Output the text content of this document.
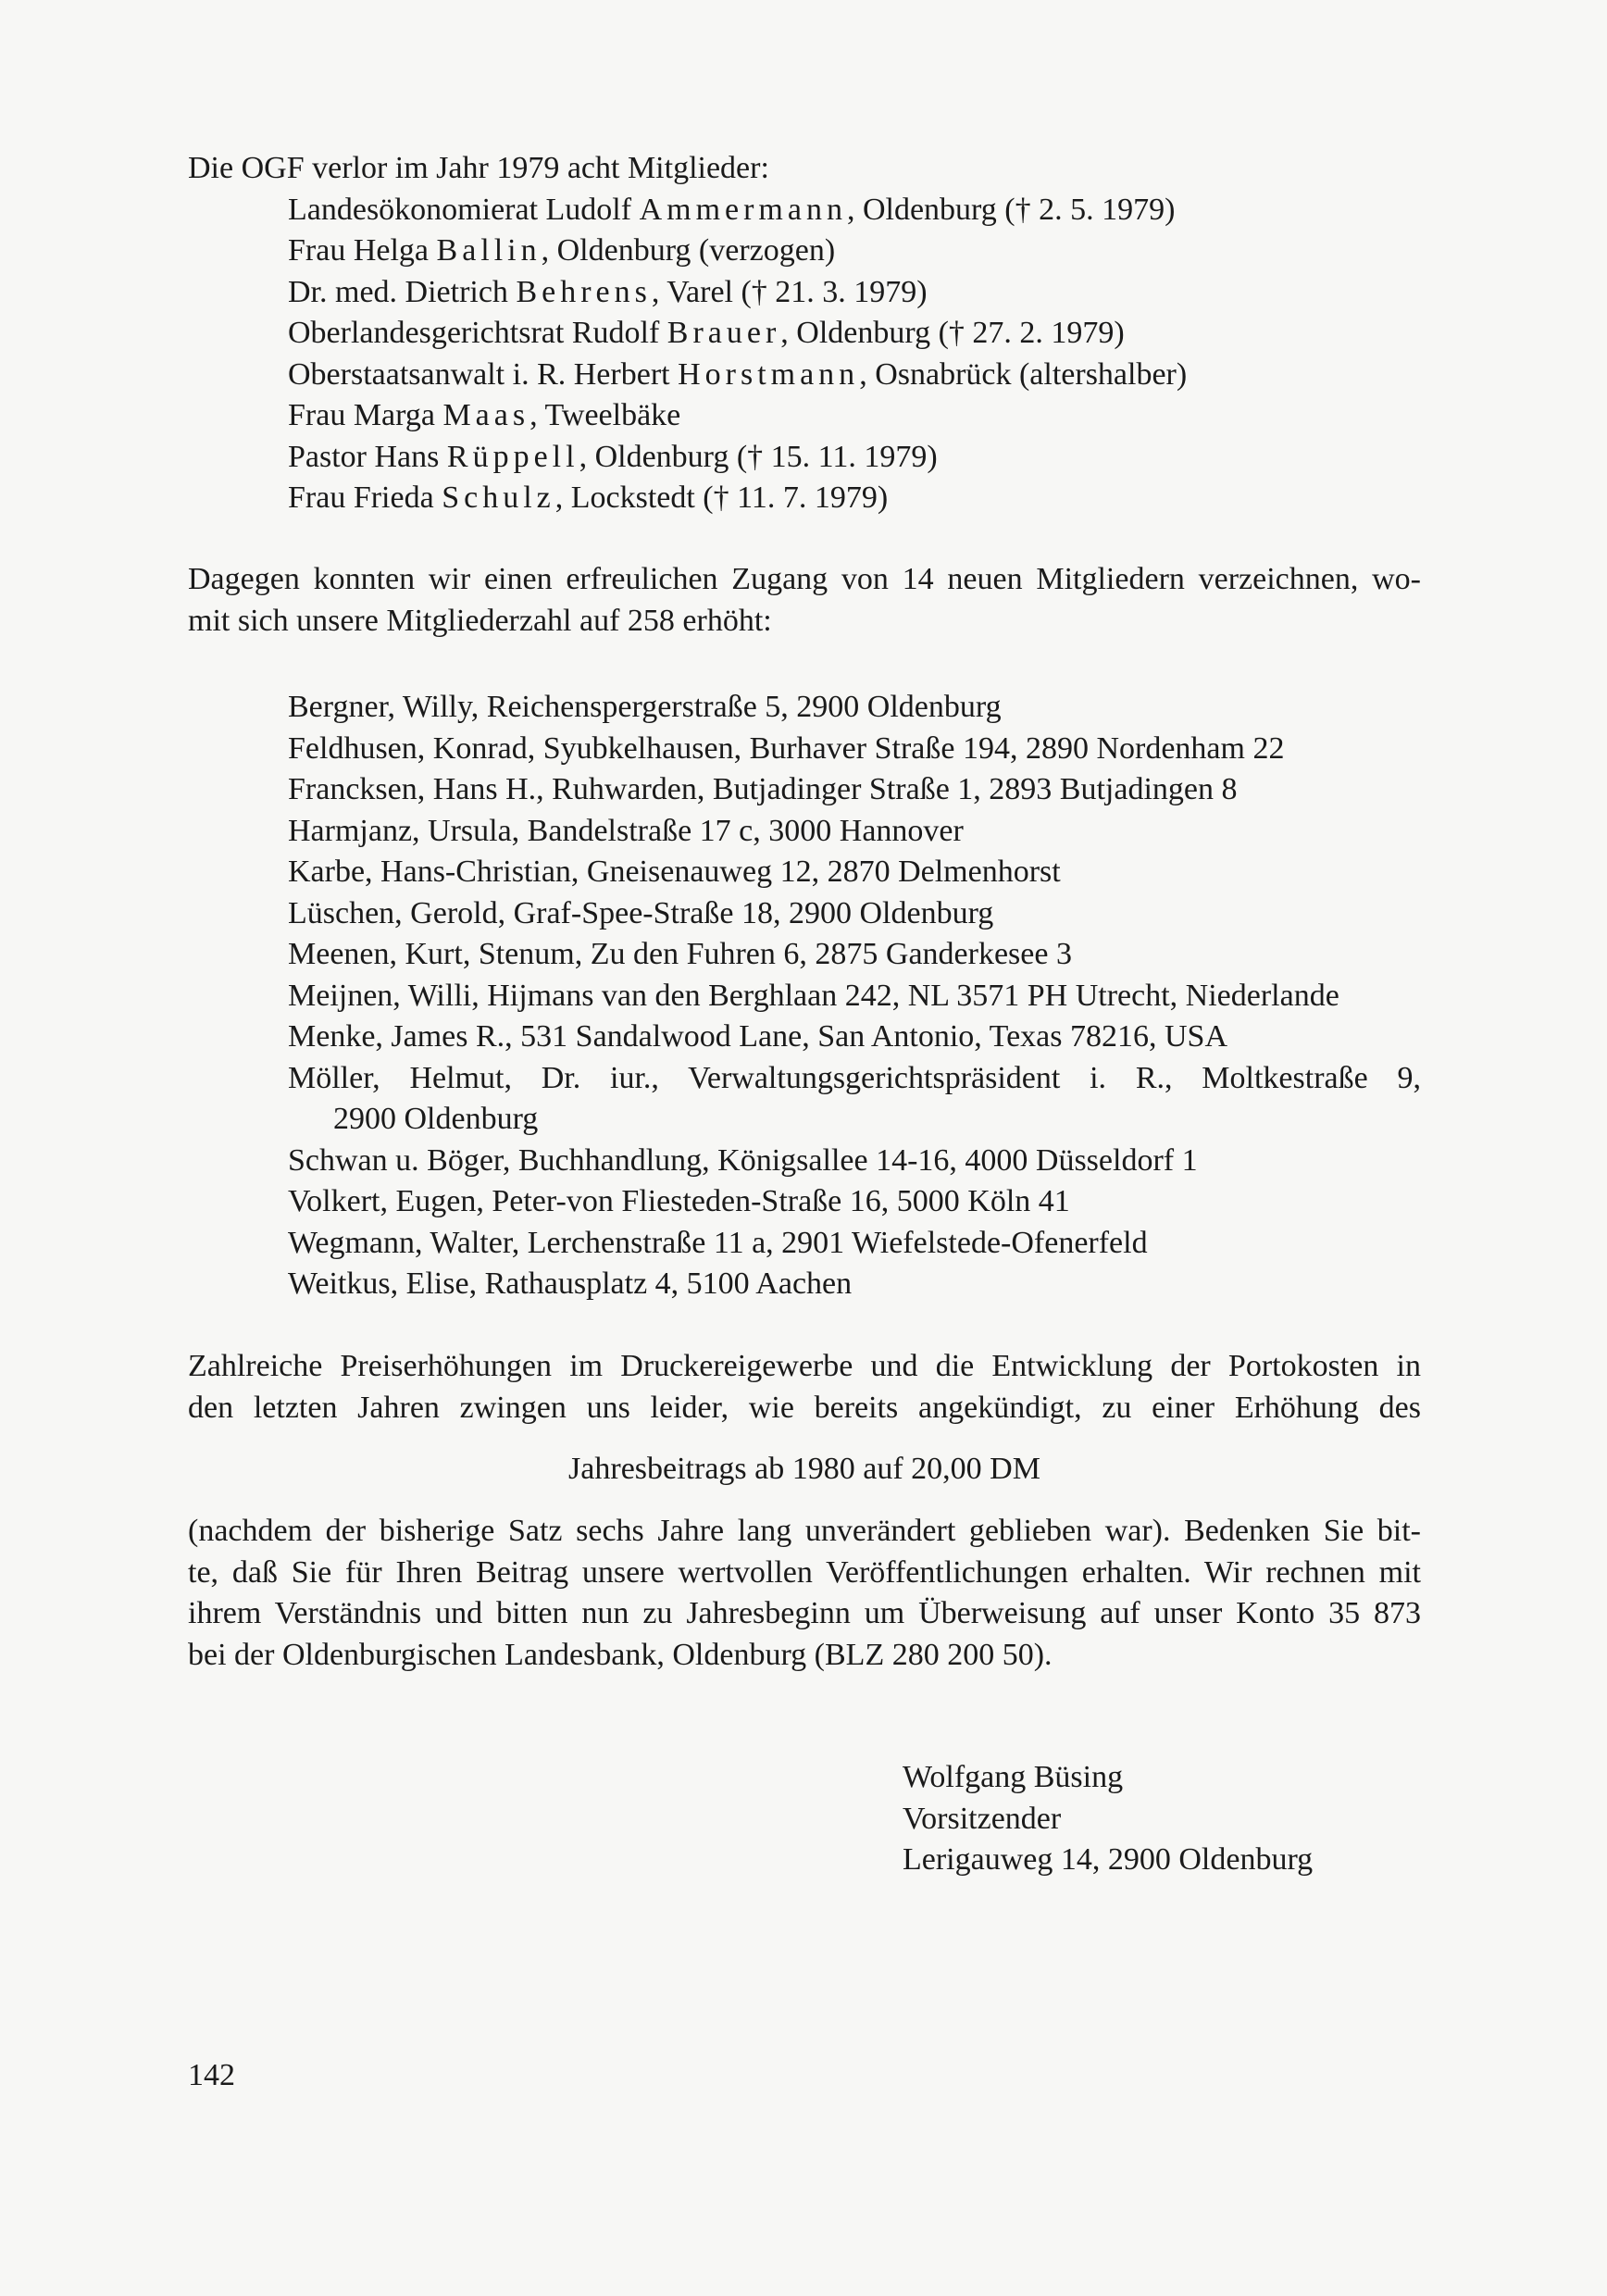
Die OGF verlor im Jahr 1979 acht Mitglieder:
Landesökonomierat Ludolf Ammermann, Oldenburg († 2. 5. 1979)
Frau Helga Ballin, Oldenburg (verzogen)
Dr. med. Dietrich Behrens, Varel († 21. 3. 1979)
Oberlandesgerichtsrat Rudolf Brauer, Oldenburg († 27. 2. 1979)
Oberstaatsanwalt i. R. Herbert Horstmann, Osnabrück (altershalber)
Frau Marga Maas, Tweelbäke
Pastor Hans Rüppell, Oldenburg († 15. 11. 1979)
Frau Frieda Schulz, Lockstedt († 11. 7. 1979)
Dagegen konnten wir einen erfreulichen Zugang von 14 neuen Mitgliedern verzeichnen, wo-
mit sich unsere Mitgliederzahl auf 258 erhöht:
Bergner, Willy, Reichenspergerstraße 5, 2900 Oldenburg
Feldhusen, Konrad, Syubkelhausen, Burhaver Straße 194, 2890 Nordenham 22
Francksen, Hans H., Ruhwarden, Butjadinger Straße 1, 2893 Butjadingen 8
Harmjanz, Ursula, Bandelstraße 17 c, 3000 Hannover
Karbe, Hans-Christian, Gneisenauweg 12, 2870 Delmenhorst
Lüschen, Gerold, Graf-Spee-Straße 18, 2900 Oldenburg
Meenen, Kurt, Stenum, Zu den Fuhren 6, 2875 Ganderkesee 3
Meijnen, Willi, Hijmans van den Berghlaan 242, NL 3571 PH Utrecht, Niederlande
Menke, James R., 531 Sandalwood Lane, San Antonio, Texas 78216, USA
Möller, Helmut, Dr. iur., Verwaltungsgerichtspräsident i. R., Moltkestraße 9,
2900 Oldenburg
Schwan u. Böger, Buchhandlung, Königsallee 14-16, 4000 Düsseldorf 1
Volkert, Eugen, Peter-von Fliesteden-Straße 16, 5000 Köln 41
Wegmann, Walter, Lerchenstraße 11 a, 2901 Wiefelstede-Ofenerfeld
Weitkus, Elise, Rathausplatz 4, 5100 Aachen
Zahlreiche Preiserhöhungen im Druckereigewerbe und die Entwicklung der Portokosten in
den letzten Jahren zwingen uns leider, wie bereits angekündigt, zu einer Erhöhung des
Jahresbeitrags ab 1980 auf 20,00 DM
(nachdem der bisherige Satz sechs Jahre lang unverändert geblieben war). Bedenken Sie bit-
te, daß Sie für Ihren Beitrag unsere wertvollen Veröffentlichungen erhalten. Wir rechnen mit
ihrem Verständnis und bitten nun zu Jahresbeginn um Überweisung auf unser Konto 35 873
bei der Oldenburgischen Landesbank, Oldenburg (BLZ 280 200 50).
Wolfgang Büsing
Vorsitzender
Lerigauweg 14, 2900 Oldenburg
142
